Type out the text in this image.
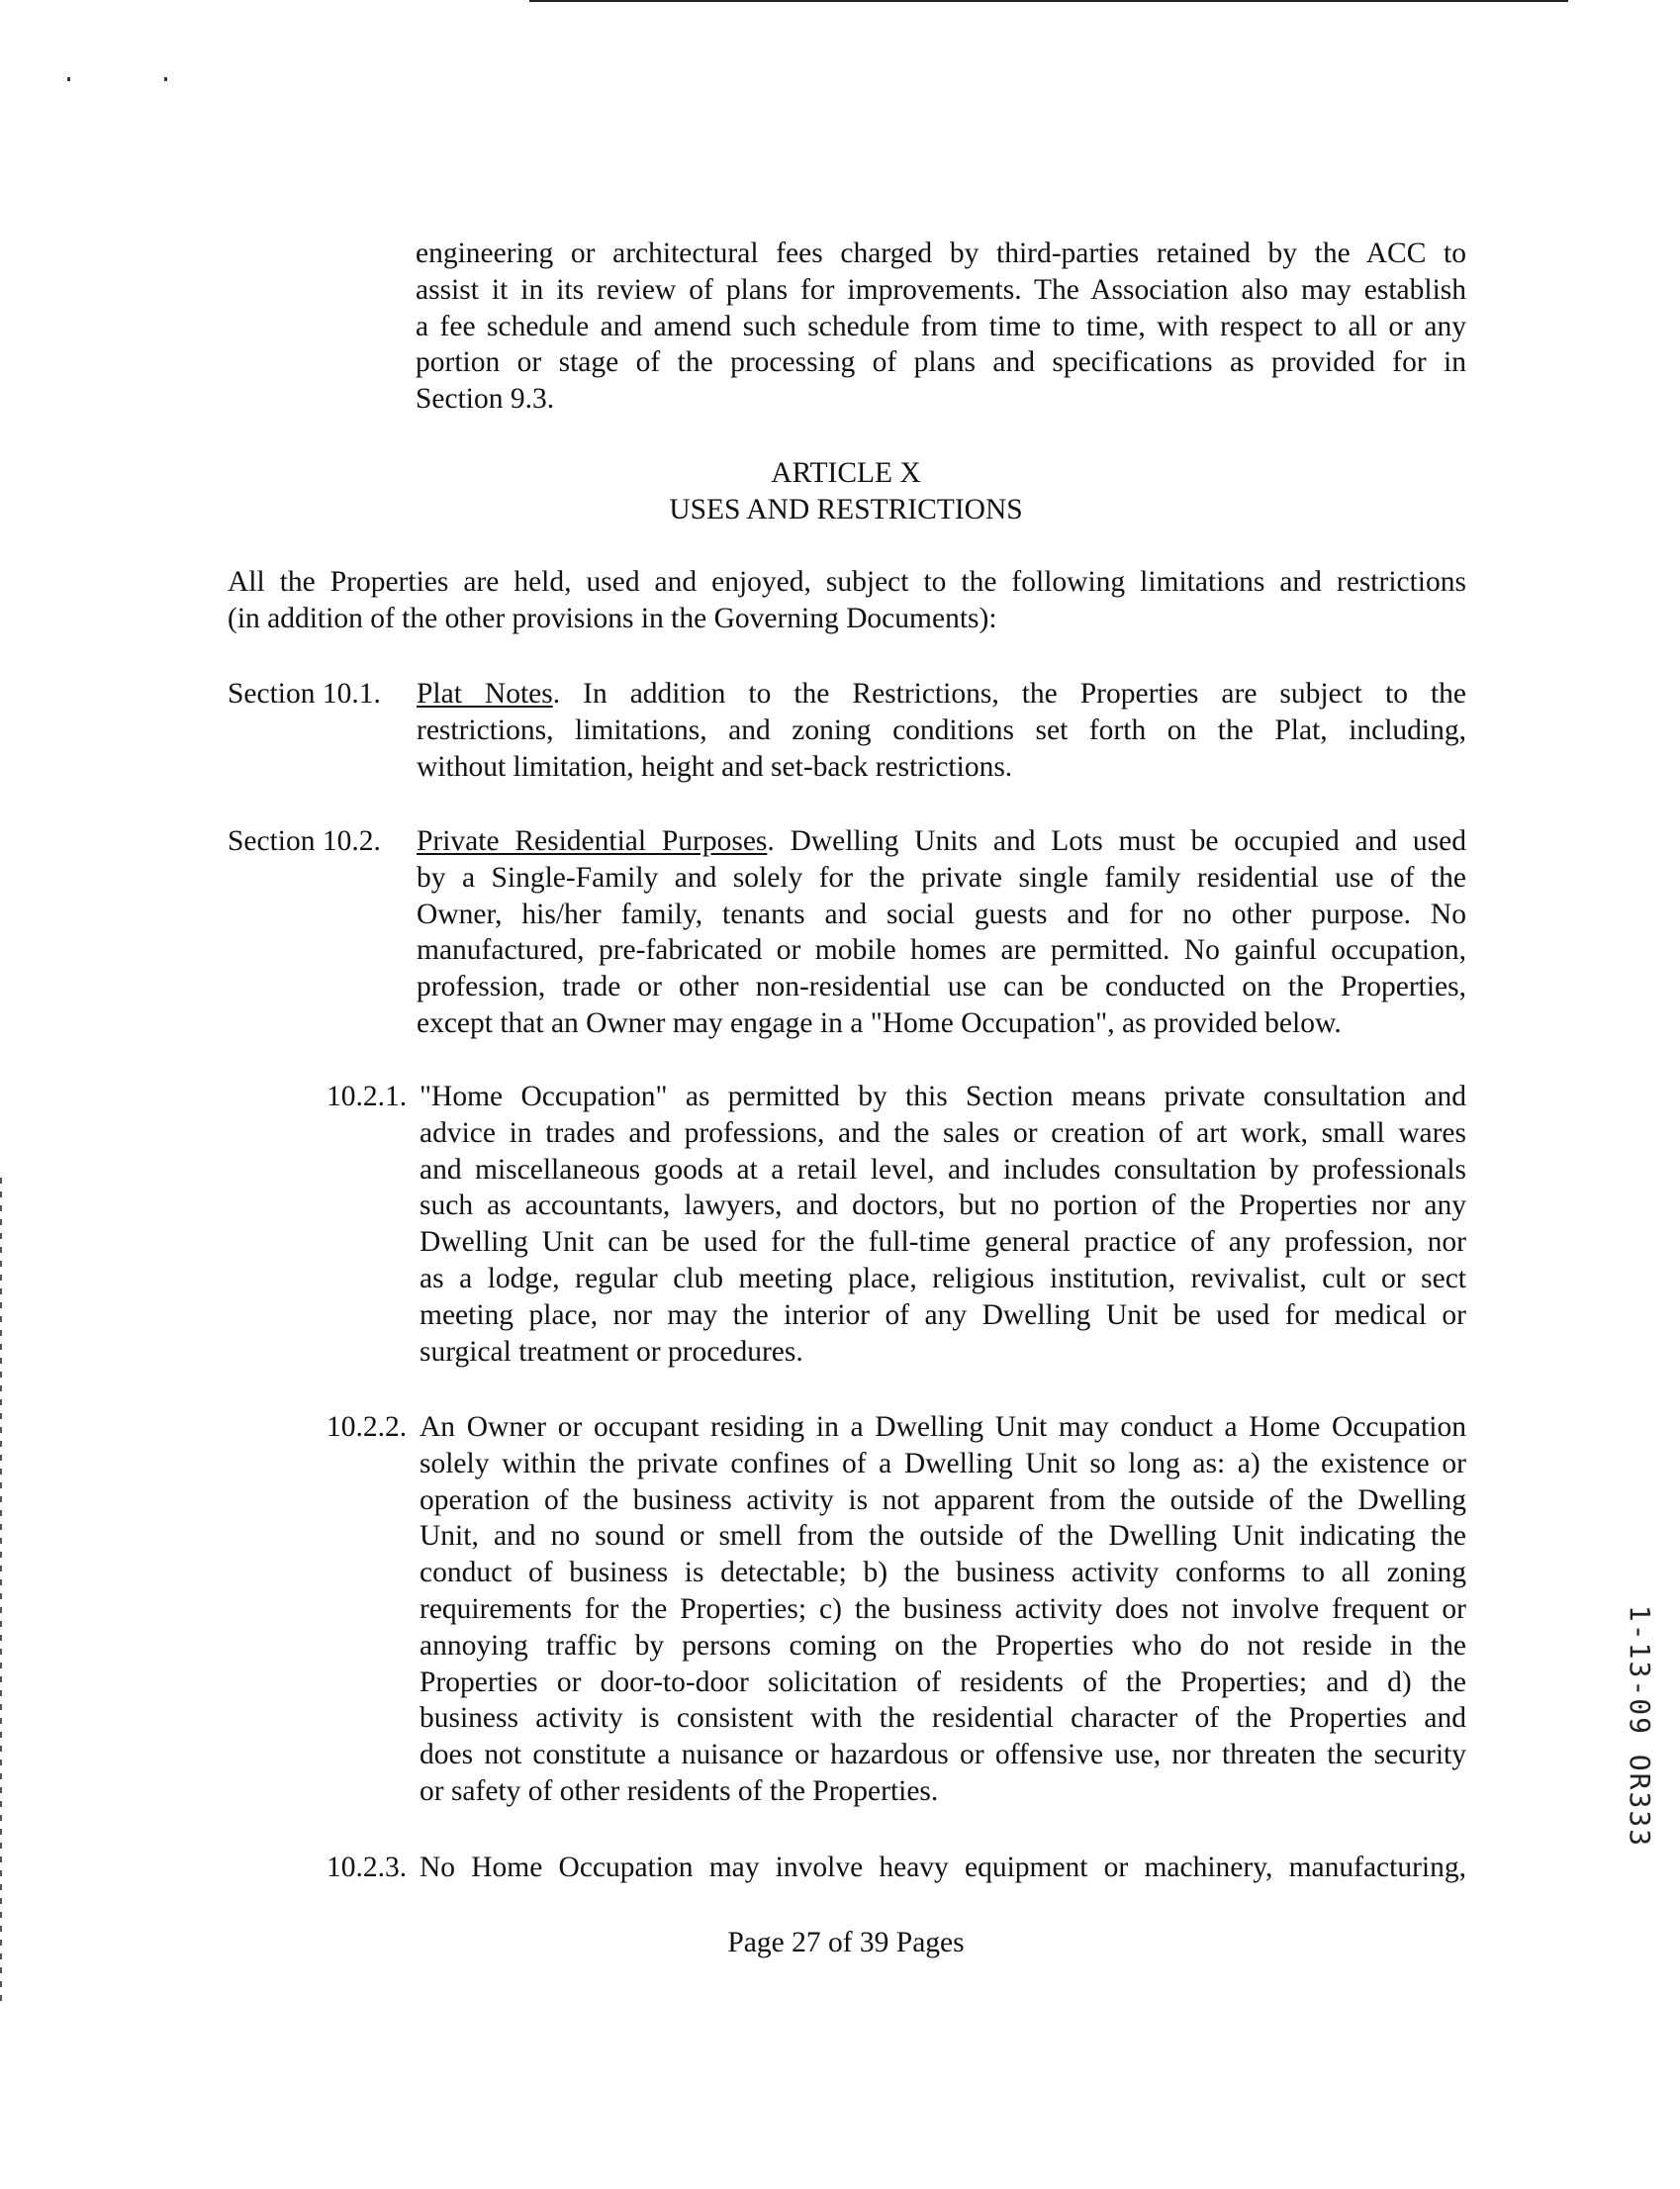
engineering or architectural fees charged by third-parties retained by the ACC to
assist it in its review of plans for improvements. The Association also may establish
a fee schedule and amend such schedule from time to time, with respect to all or any
portion or stage of the processing of plans and specifications as provided for in
Section 9.3.
ARTICLE X
USES AND RESTRICTIONS
All the Properties are held, used and enjoyed, subject to the following limitations and restrictions
(in addition of the other provisions in the Governing Documents):
Section 10.1. Plat Notes. In addition to the Restrictions, the Properties are subject to the
restrictions, limitations, and zoning conditions set forth on the Plat, including,
without limitation, height and set-back restrictions.
Section 10.2. Private Residential Purposes. Dwelling Units and Lots must be occupied and used
by a Single-Family and solely for the private single family residential use of the
Owner, his/her family, tenants and social guests and for no other purpose. No
manufactured, pre-fabricated or mobile homes are permitted. No gainful occupation,
profession, trade or other non-residential use can be conducted on the Properties,
except that an Owner may engage in a "Home Occupation", as provided below.
10.2.1. "Home Occupation" as permitted by this Section means private consultation and
advice in trades and professions, and the sales or creation of art work, small wares
and miscellaneous goods at a retail level, and includes consultation by professionals
such as accountants, lawyers, and doctors, but no portion of the Properties nor any
Dwelling Unit can be used for the full-time general practice of any profession, nor
as a lodge, regular club meeting place, religious institution, revivalist, cult or sect
meeting place, nor may the interior of any Dwelling Unit be used for medical or
surgical treatment or procedures.
10.2.2. An Owner or occupant residing in a Dwelling Unit may conduct a Home Occupation
solely within the private confines of a Dwelling Unit so long as: a) the existence or
operation of the business activity is not apparent from the outside of the Dwelling
Unit, and no sound or smell from the outside of the Dwelling Unit indicating the
conduct of business is detectable; b) the business activity conforms to all zoning
requirements for the Properties; c) the business activity does not involve frequent or
annoying traffic by persons coming on the Properties who do not reside in the
Properties or door-to-door solicitation of residents of the Properties; and d) the
business activity is consistent with the residential character of the Properties and
does not constitute a nuisance or hazardous or offensive use, nor threaten the security
or safety of other residents of the Properties.
10.2.3. No Home Occupation may involve heavy equipment or machinery, manufacturing,
Page 27 of 39 Pages
1-13-09 OR333
